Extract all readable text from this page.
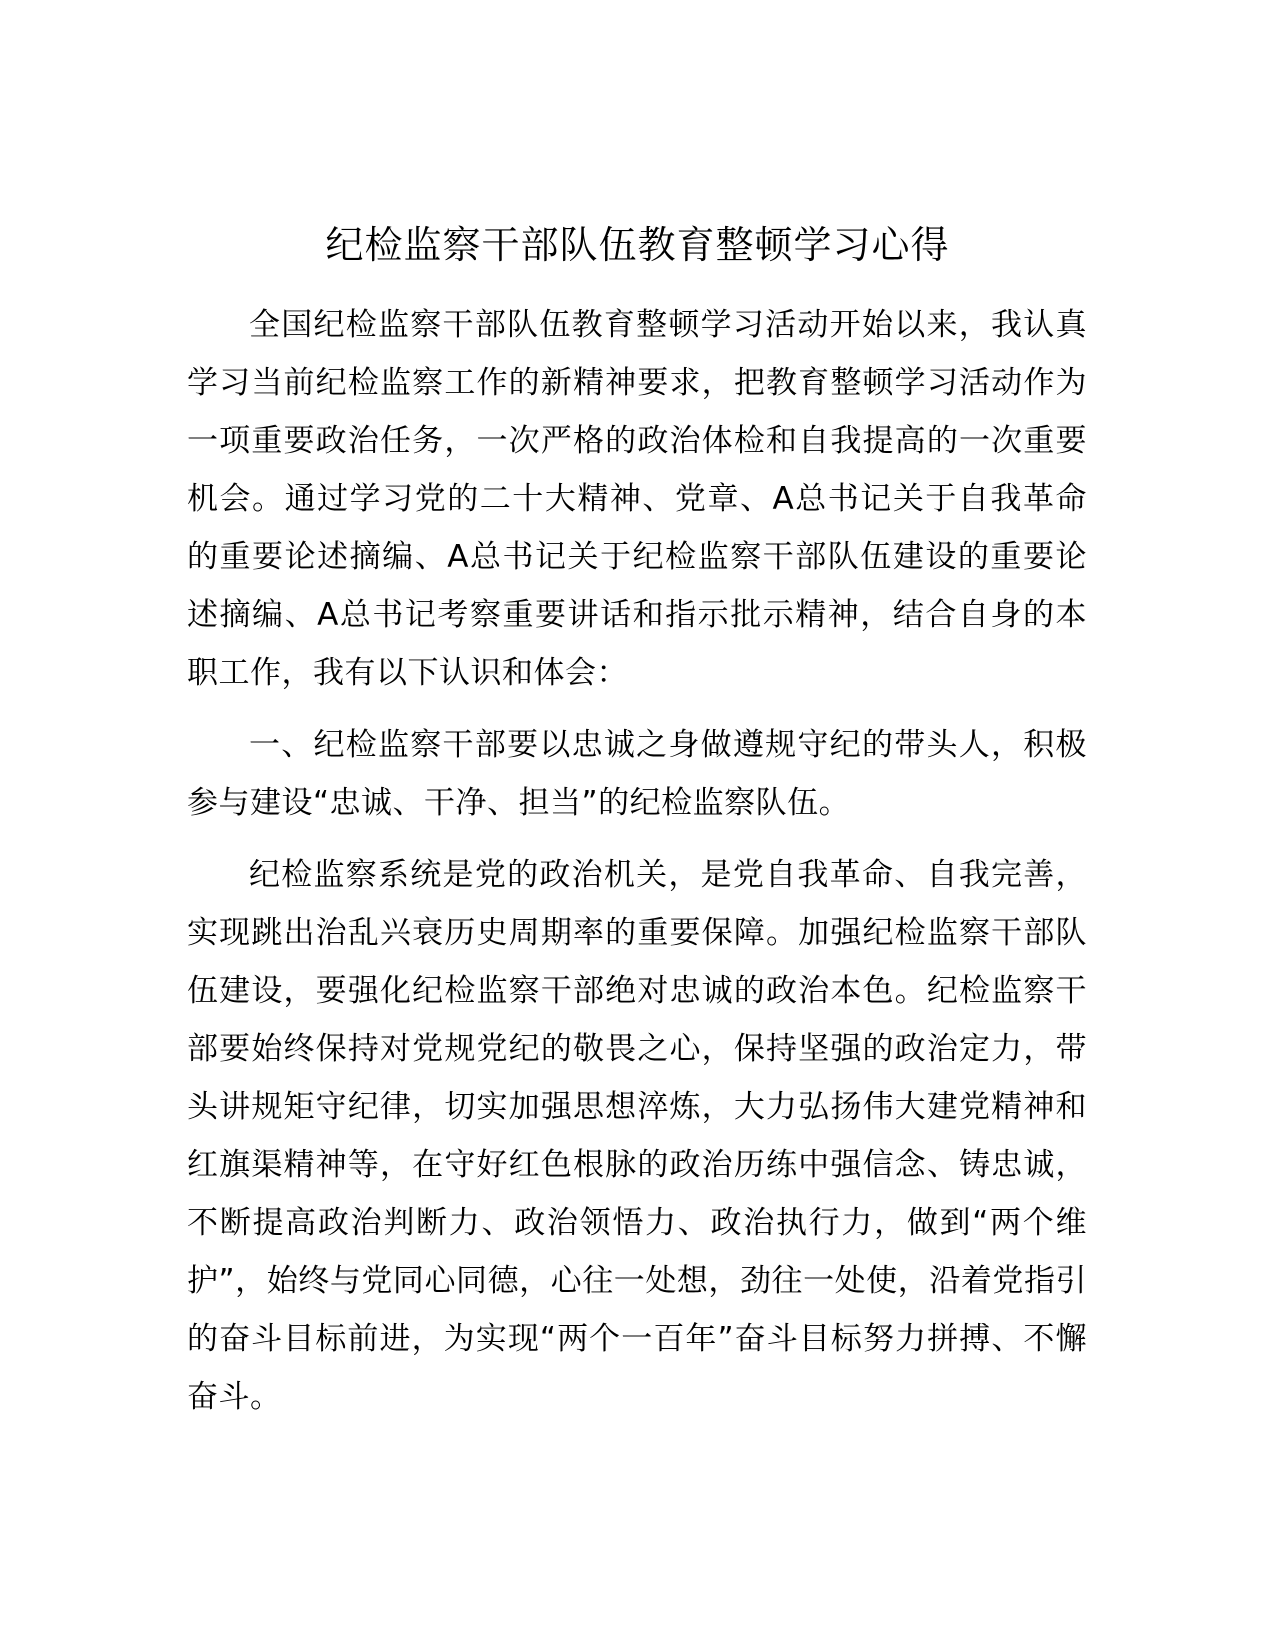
纪检监察干部队伍教育整顿学习心得

全国纪检监察干部队伍教育整顿学习活动开始以来，我认真学习当前纪检监察工作的新精神要求，把教育整顿学习活动作为一项重要政治任务，一次严格的政治体检和自我提高的一次重要机会。通过学习党的二十大精神、党章、A总书记关于自我革命的重要论述摘编、A总书记关于纪检监察干部队伍建设的重要论述摘编、A总书记考察重要讲话和指示批示精神，结合自身的本职工作，我有以下认识和体会：

一、纪检监察干部要以忠诚之身做遵规守纪的带头人，积极参与建设“忠诚、干净、担当”的纪检监察队伍。

纪检监察系统是党的政治机关，是党自我革命、自我完善，实现跳出治乱兴衰历史周期率的重要保障。加强纪检监察干部队伍建设，要强化纪检监察干部绝对忠诚的政治本色。纪检监察干部要始终保持对党规党纪的敬畏之心，保持坚强的政治定力，带头讲规矩守纪律，切实加强思想淬炼，大力弘扬伟大建党精神和红旗渠精神等，在守好红色根脉的政治历练中强信念、铸忠诚，不断提高政治判断力、政治领悟力、政治执行力，做到“两个维护”，始终与党同心同德，心往一处想，劲往一处使，沿着党指引的奋斗目标前进，为实现“两个一百年”奋斗目标努力拼搏、不懈奋斗。
